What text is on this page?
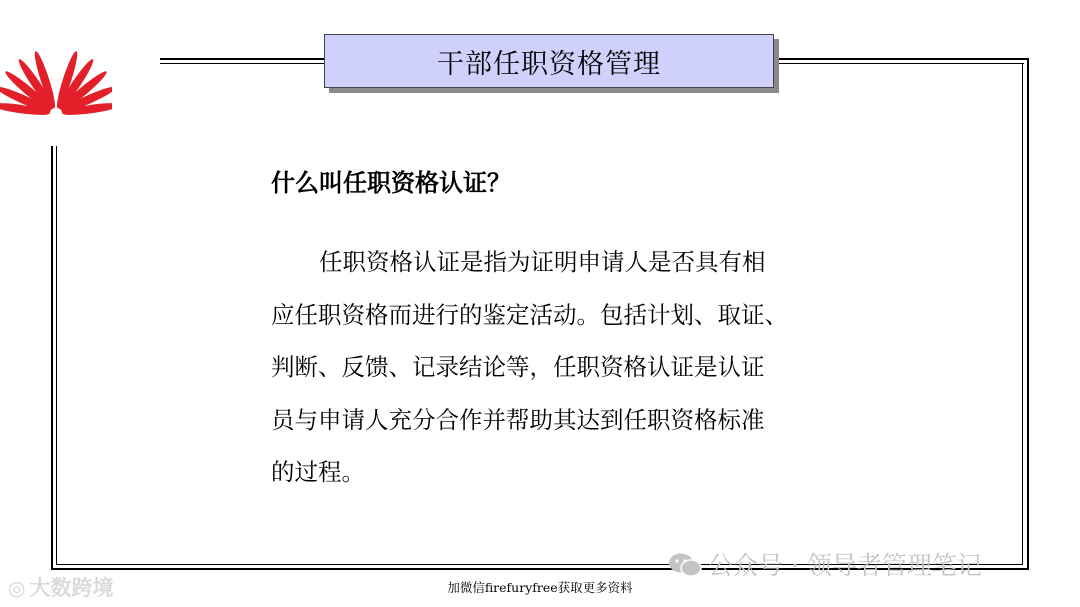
干部任职资格管理
什么叫任职资格认证？
任职资格认证是指为证明申请人是否具有相
应任职资格而进行的鉴定活动。包括计划、取证、
判断、反馈、记录结论等，任职资格认证是认证
员与申请人充分合作并帮助其达到任职资格标准
的过程。
◎ 大数跨境
公众号 · 领导者管理笔记
加微信firefuryfree获取更多资料
